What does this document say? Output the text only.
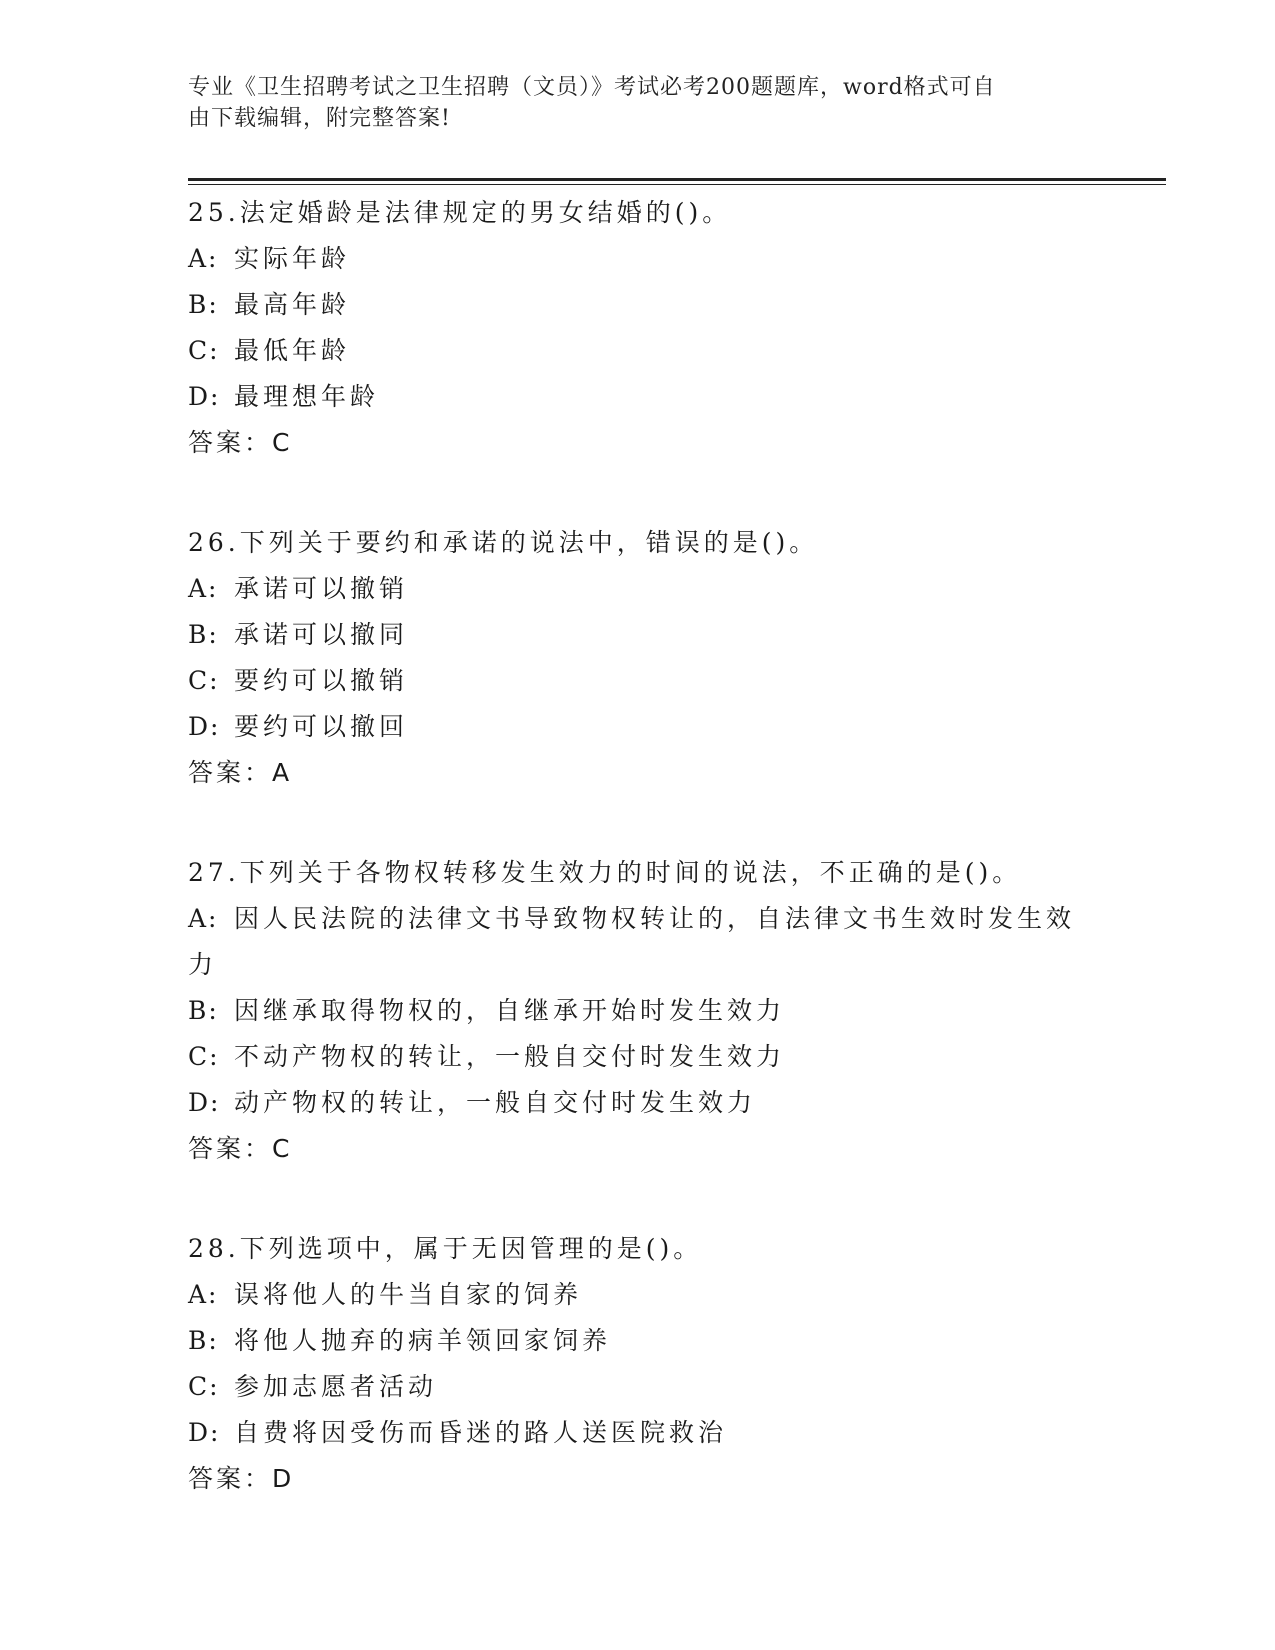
专业《卫生招聘考试之卫生招聘（文员）》考试必考200题题库，word格式可自
由下载编辑，附完整答案!
25.法定婚龄是法律规定的男女结婚的()。
A: 实际年龄
B: 最高年龄
C: 最低年龄
D: 最理想年龄
答案：C
26.下列关于要约和承诺的说法中，错误的是()。
A: 承诺可以撤销
B: 承诺可以撤同
C: 要约可以撤销
D: 要约可以撤回
答案：A
27.下列关于各物权转移发生效力的时间的说法，不正确的是()。
A: 因人民法院的法律文书导致物权转让的，自法律文书生效时发生效力
B: 因继承取得物权的，自继承开始时发生效力
C: 不动产物权的转让，一般自交付时发生效力
D: 动产物权的转让，一般自交付时发生效力
答案：C
28.下列选项中，属于无因管理的是()。
A: 误将他人的牛当自家的饲养
B: 将他人抛弃的病羊领回家饲养
C: 参加志愿者活动
D: 自费将因受伤而昏迷的路人送医院救治
答案：D
